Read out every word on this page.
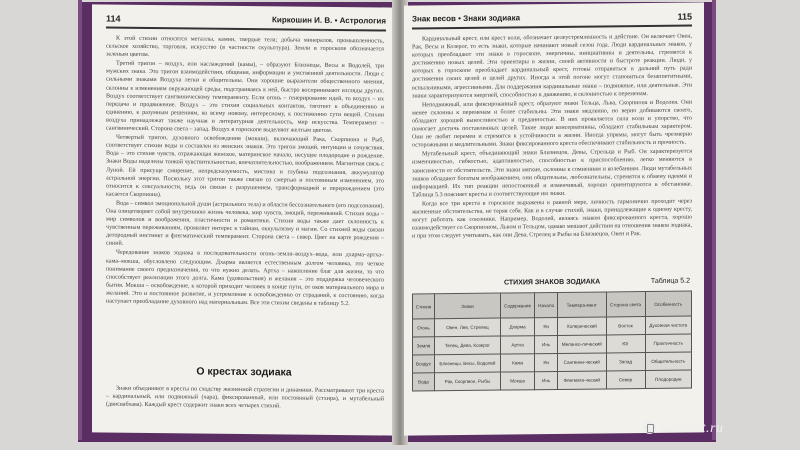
114	Киркошин И. В. • Астрология

К этой стихии относятся металлы, камни, твердые тела; добыча минералов, промышленность, сельское хозяйство, торговля, искусство (в частности скульптура). Земли в гороскопе обозначается зеленым цветом.

Третий тригон – воздух, или наслаждений (камы), – образуют Близнецы, Весы и Водолей, три мужских знака. Это тригон взаимодействия, общения, информации и умственной деятельности. Люди с сильными знаками Воздуха легки и общительны. Они хорошие выразители общественного мнения, склонны к изменениям окружающей среды, подстраиваясь к ней, быстро воспринимают взгляды других. Воздух соответствует сангвиническому темпераменту. Если огонь – генерирование идей, то воздух – их передача и продвижение. Воздух – это стихия социальных контактов, тяготеет к объединению и единению, к разумным решениям, ко всему новому, интересному, к постижению сути вещей. Стихии воздуха принадлежат также научная и литературная деятельность, мир искусства. Темперамент – сангвинический. Сторона света – запад. Воздух в гороскопе выделяют желтым цветом.

Четвертый тригон, духовного освобождения (мокши), включающий Рака, Скорпиона и Рыб, соответствует стихии воды и составлен из женских знаков. Это тригон эмоций, интуиции и сочувствия. Вода – это стихия чувств, отражающая женское, материнское начало, несущее плодородие и рождение. Знаки Воды наделены тонкой чувствительностью, впечатлительностью, воображением. Магнитная связь с Луной. Ей присуще смирение, непредсказуемость, мистика и глубина подсознания, аккумулятор астральной энергии. Поскольку этот тригон также связан со смертью и постоянным изменением, это относится к сексуальности, ведь он связан с разрушением, трансформацией и перерождением (это касается Скорпиона).

Вода – символ эмоциональной души (астрального тела) и области бессознательного (его подсознания). Она олицетворяет собой внутреннюю жизнь человека, мир чувств, эмоций, переживаний. Стихия воды – мир символов и воображения, пластичности и романтики. Стихии воды также дает склонность к чувственным переживаниям, проявляет интерес к тайнам, оккультизму и магии. Со стихией воды связан детородный инстинкт и флегматический темперамент. Сторона света – север. Цвет на карте рождения – синий.

Чередование знаков зодиака в последовательности огонь–земля–воздух–вода, или дхарма–артха–кама–мокша, обусловлено следующим. Дхарма является естественным долгом человека, это четкое понимание своего предназначения, то что нужно делать. Артха – накопление благ для жизни, то что способствует реализации этого долга. Кама (удовольствия) и желания – это поддержка человеческого бытия. Мокша – освобождение, к которой приходит человек в конце пути, от оков материального мира и желаний. Это и постоянное развитие, и устремление к освобождению от страданий, к состоянию, когда наступает преобладание духовного над материальным. Все эти стихии сведены в таблицу 5.2.

О крестах зодиака

Знаки объединяют в кресты по сходству жизненной стратегии и динамики. Рассматривают три креста – кардинальный, или подвижный (чара), фиксированный, или постоянный (стхира), и мутабельный (двиcвабхава). Каждый крест содержит знаки всех четырех стихий.

Знак весов • Знаки зодиака	115

Кардинальный крест, или крест воли, обозначает целеустремленность и действие. Он включает Овен, Рак, Весы и Козерог, то есть знаки, которые начинают новый сезон года. Люди кардинальных знаков, у которых преобладают эти знаки в гороскопе, энергичны, инициативны и деятельны, стремятся к достижению новых целей. Эти ориентиры в жизни, своей активности и быстроте реакции. Люди, у которых в гороскопе преобладает кардинальный крест, готовы отправиться в дальний путь ради достижения своих целей и целей других. Иногда в этой погоне могут становиться безаппетитными, вспыльчивыми, агрессивными. Для поддержания кардинальные знаки – подвижные, или деятельные. Эти знаки характеризуются энергией, способностью к движению, и склонностью к переменам.

Неподвижный, или фиксированный крест, образуют знаки Тельца, Льва, Скорпиона и Водолея. Они менее склонны к переменам и более стабильны. Эти знаки медленно, но верно добиваются своего, обладают хорошей выносливостью и преданностью. В них проявляется сила воли и упорство, что помогает достичь поставленных целей. Такие люди консервативны, обладают стабильным характером. Они не любят перемен и стремятся к устойчивости в жизни. Иногда упрямы, могут быть чрезмерно осторожными и медлительными. Знаки фиксированного креста обеспечивают стабильность и прочность.

Мутабельный крест, объединяющий знаки Близнецов, Девы, Стрельца и Рыб. Он характеризуется изменчивостью, гибкостью, адаптивностью, способностью к приспособлению, легко меняются в зависимости от обстоятельств. Эти знаки мягкие, склонны к сомнениям и колебаниям. Люди мутабельных знаков обладают богатым воображением, они общительны, любознательны, стремятся к обмену идеями и информацией. Их тип реакции непостоянный и изменчивый, хорошо ориентируются в обстановке. Таблица 5.3 поясняет кресты и соответствующие им знаки.

Когда все три креста в гороскопе выражены в равной мере, личность гармонично проходит через жизненные обстоятельства, не теряя себя. Как и в случае стихий, знаки, принадлежащие к одному кресту, могут работать как союзники. Например, Водолей, являясь знаком фиксированного креста, хорошо взаимодействует со Скорпионом, Львом и Тельцом, однако мешают действия на отношения знаков зодиака, и при этом следует учитывать, как они Дева, Стрелец и Рыбы на Близнецов, Овен и Рак.

СТИХИЯ ЗНАКОВ ЗОДИАКА	Таблица 5.2
Стихия	Знаки	Содержание	Начало	Темпера-мент	Сторона света	Особенность
Огонь	Овен, Лев, Стрелец	Дхарма	Ян	Холерический	Восток	Духовная чистота
Земля	Телец, Дева, Козерог	Артха	Инь	Меланхо-лический	Юг	Практичность
Воздух	Близнецы, Весы, Водолей	Кама	Ян	Сангвини-ческий	Запад	Общительность
Вода	Рак, Скорпион, Рыбы	Мокша	Инь	Флегмати-ческий	Север	Плодородие
labirint.ru
